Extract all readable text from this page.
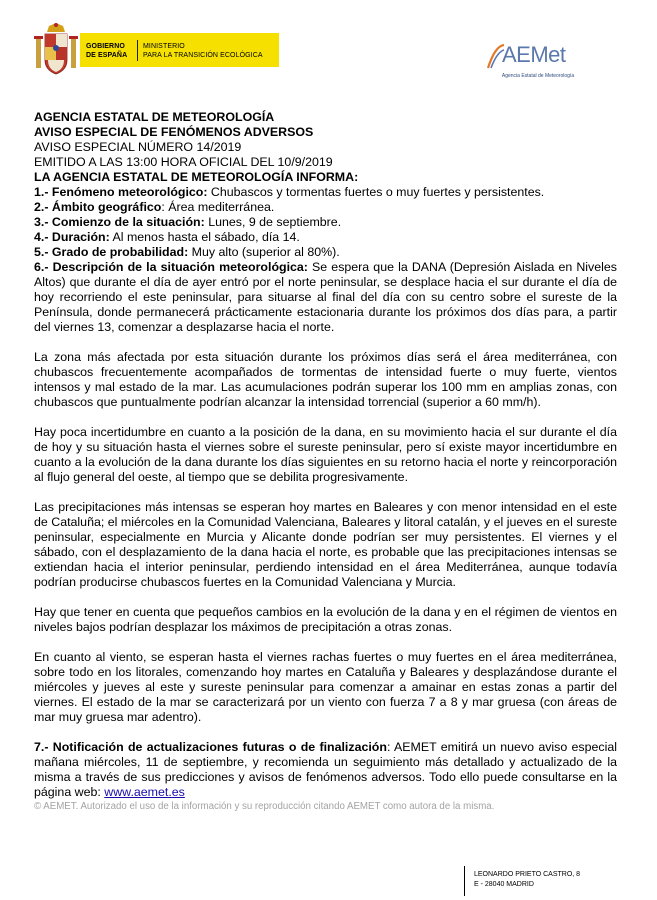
GOBIERNO
DE ESPAÑA
MINISTERIO
PARA LA TRANSICIÓN ECOLÓGICA	AEMet
Agencia Estatal de Meteorología

AGENCIA ESTATAL DE METEOROLOGÍA

AVISO ESPECIAL DE FENÓMENOS ADVERSOS

AVISO ESPECIAL NÚMERO 14/2019

EMITIDO A LAS 13:00 HORA OFICIAL DEL 10/9/2019

LA AGENCIA ESTATAL DE METEOROLOGÍA INFORMA:

1.- Fenómeno meteorológico: Chubascos y tormentas fuertes o muy fuertes y persistentes.

2.- Ámbito geográfico: Área mediterránea.

3.- Comienzo de la situación: Lunes, 9 de septiembre.

4.- Duración: Al menos hasta el sábado, día 14.

5.- Grado de probabilidad: Muy alto (superior al 80%).

6.- Descripción de la situación meteorológica: Se espera que la DANA (Depresión Aislada en Niveles Altos) que durante el día de ayer entró por el norte peninsular, se desplace hacia el sur durante el día de hoy recorriendo el este peninsular, para situarse al final del día con su centro sobre el sureste de la Península, donde permanecerá prácticamente estacionaria durante los próximos dos días para, a partir del viernes 13, comenzar a desplazarse hacia el norte.

La zona más afectada por esta situación durante los próximos días será el área mediterránea, con chubascos frecuentemente acompañados de tormentas de intensidad fuerte o muy fuerte, vientos intensos y mal estado de la mar. Las acumulaciones podrán superar los 100 mm en amplias zonas, con chubascos que puntualmente podrían alcanzar la intensidad torrencial (superior a 60 mm/h).

Hay poca incertidumbre en cuanto a la posición de la dana, en su movimiento hacia el sur durante el día de hoy y su situación hasta el viernes sobre el sureste peninsular, pero sí existe mayor incertidumbre en cuanto a la evolución de la dana durante los días siguientes en su retorno hacia el norte y reincorporación al flujo general del oeste, al tiempo que se debilita progresivamente.

Las precipitaciones más intensas se esperan hoy martes en Baleares y con menor intensidad en el este de Cataluña; el miércoles en la Comunidad Valenciana, Baleares y litoral catalán, y el jueves en el sureste peninsular, especialmente en Murcia y Alicante donde podrían ser muy persistentes. El viernes y el sábado, con el desplazamiento de la dana hacia el norte, es probable que las precipitaciones intensas se extiendan hacia el interior peninsular, perdiendo intensidad en el área Mediterránea, aunque todavía podrían producirse chubascos fuertes en la Comunidad Valenciana y Murcia.

Hay que tener en cuenta que pequeños cambios en la evolución de la dana y en el régimen de vientos en niveles bajos podrían desplazar los máximos de precipitación a otras zonas.

En cuanto al viento, se esperan hasta el viernes rachas fuertes o muy fuertes en el área mediterránea, sobre todo en los litorales, comenzando hoy martes en Cataluña y Baleares y desplazándose durante el miércoles y jueves al este y sureste peninsular para comenzar a amainar en estas zonas a partir del viernes. El estado de la mar se caracterizará por un viento con fuerza 7 a 8 y mar gruesa (con áreas de mar muy gruesa mar adentro).

7.- Notificación de actualizaciones futuras o de finalización: AEMET emitirá un nuevo aviso especial mañana miércoles, 11 de septiembre, y recomienda un seguimiento más detallado y actualizado de la misma a través de sus predicciones y avisos de fenómenos adversos. Todo ello puede consultarse en la página web: www.aemet.es

© AEMET. Autorizado el uso de la información y su reproducción citando AEMET como autora de la misma.

LEONARDO PRIETO CASTRO, 8
E - 28040 MADRID
